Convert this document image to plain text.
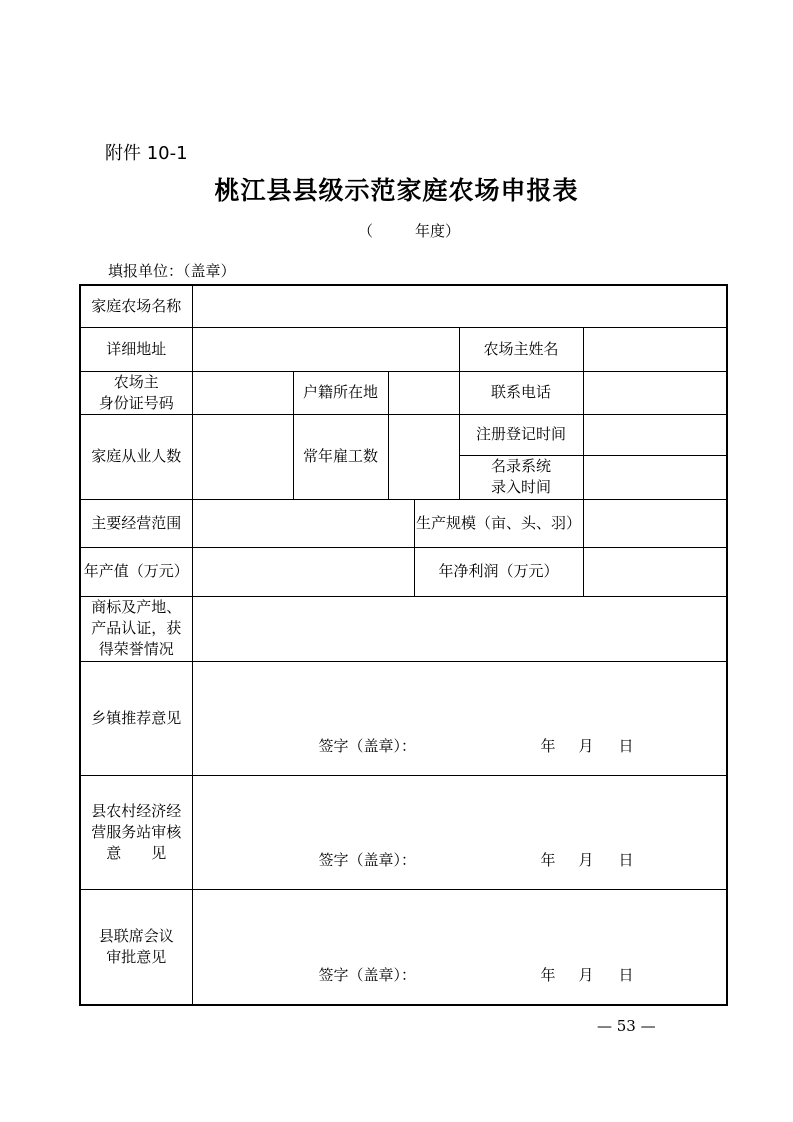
附件 10-1
桃江县县级示范家庭农场申报表
（	年度）
填报单位：（盖章）
家庭农场名称						
详细地址					农场主姓名	
农场主
身份证号码		户籍所在地			联系电话	
家庭从业人数		常年雇工数			注册登记时间	
					名录系统
录入时间	
主要经营范围				生产规模（亩、头、羽）		
年产值（万元）				年净利润（万元）		
商标及产地、
产品认证，获
得荣誉情况						
乡镇推荐意见	签字（盖章）： 年 月 日					

县农村经济经
营服务站审核
意　　见	签字（盖章）： 年 月 日					

县联席会议
审批意见	签字（盖章）： 年 月 日					
— 53 —
